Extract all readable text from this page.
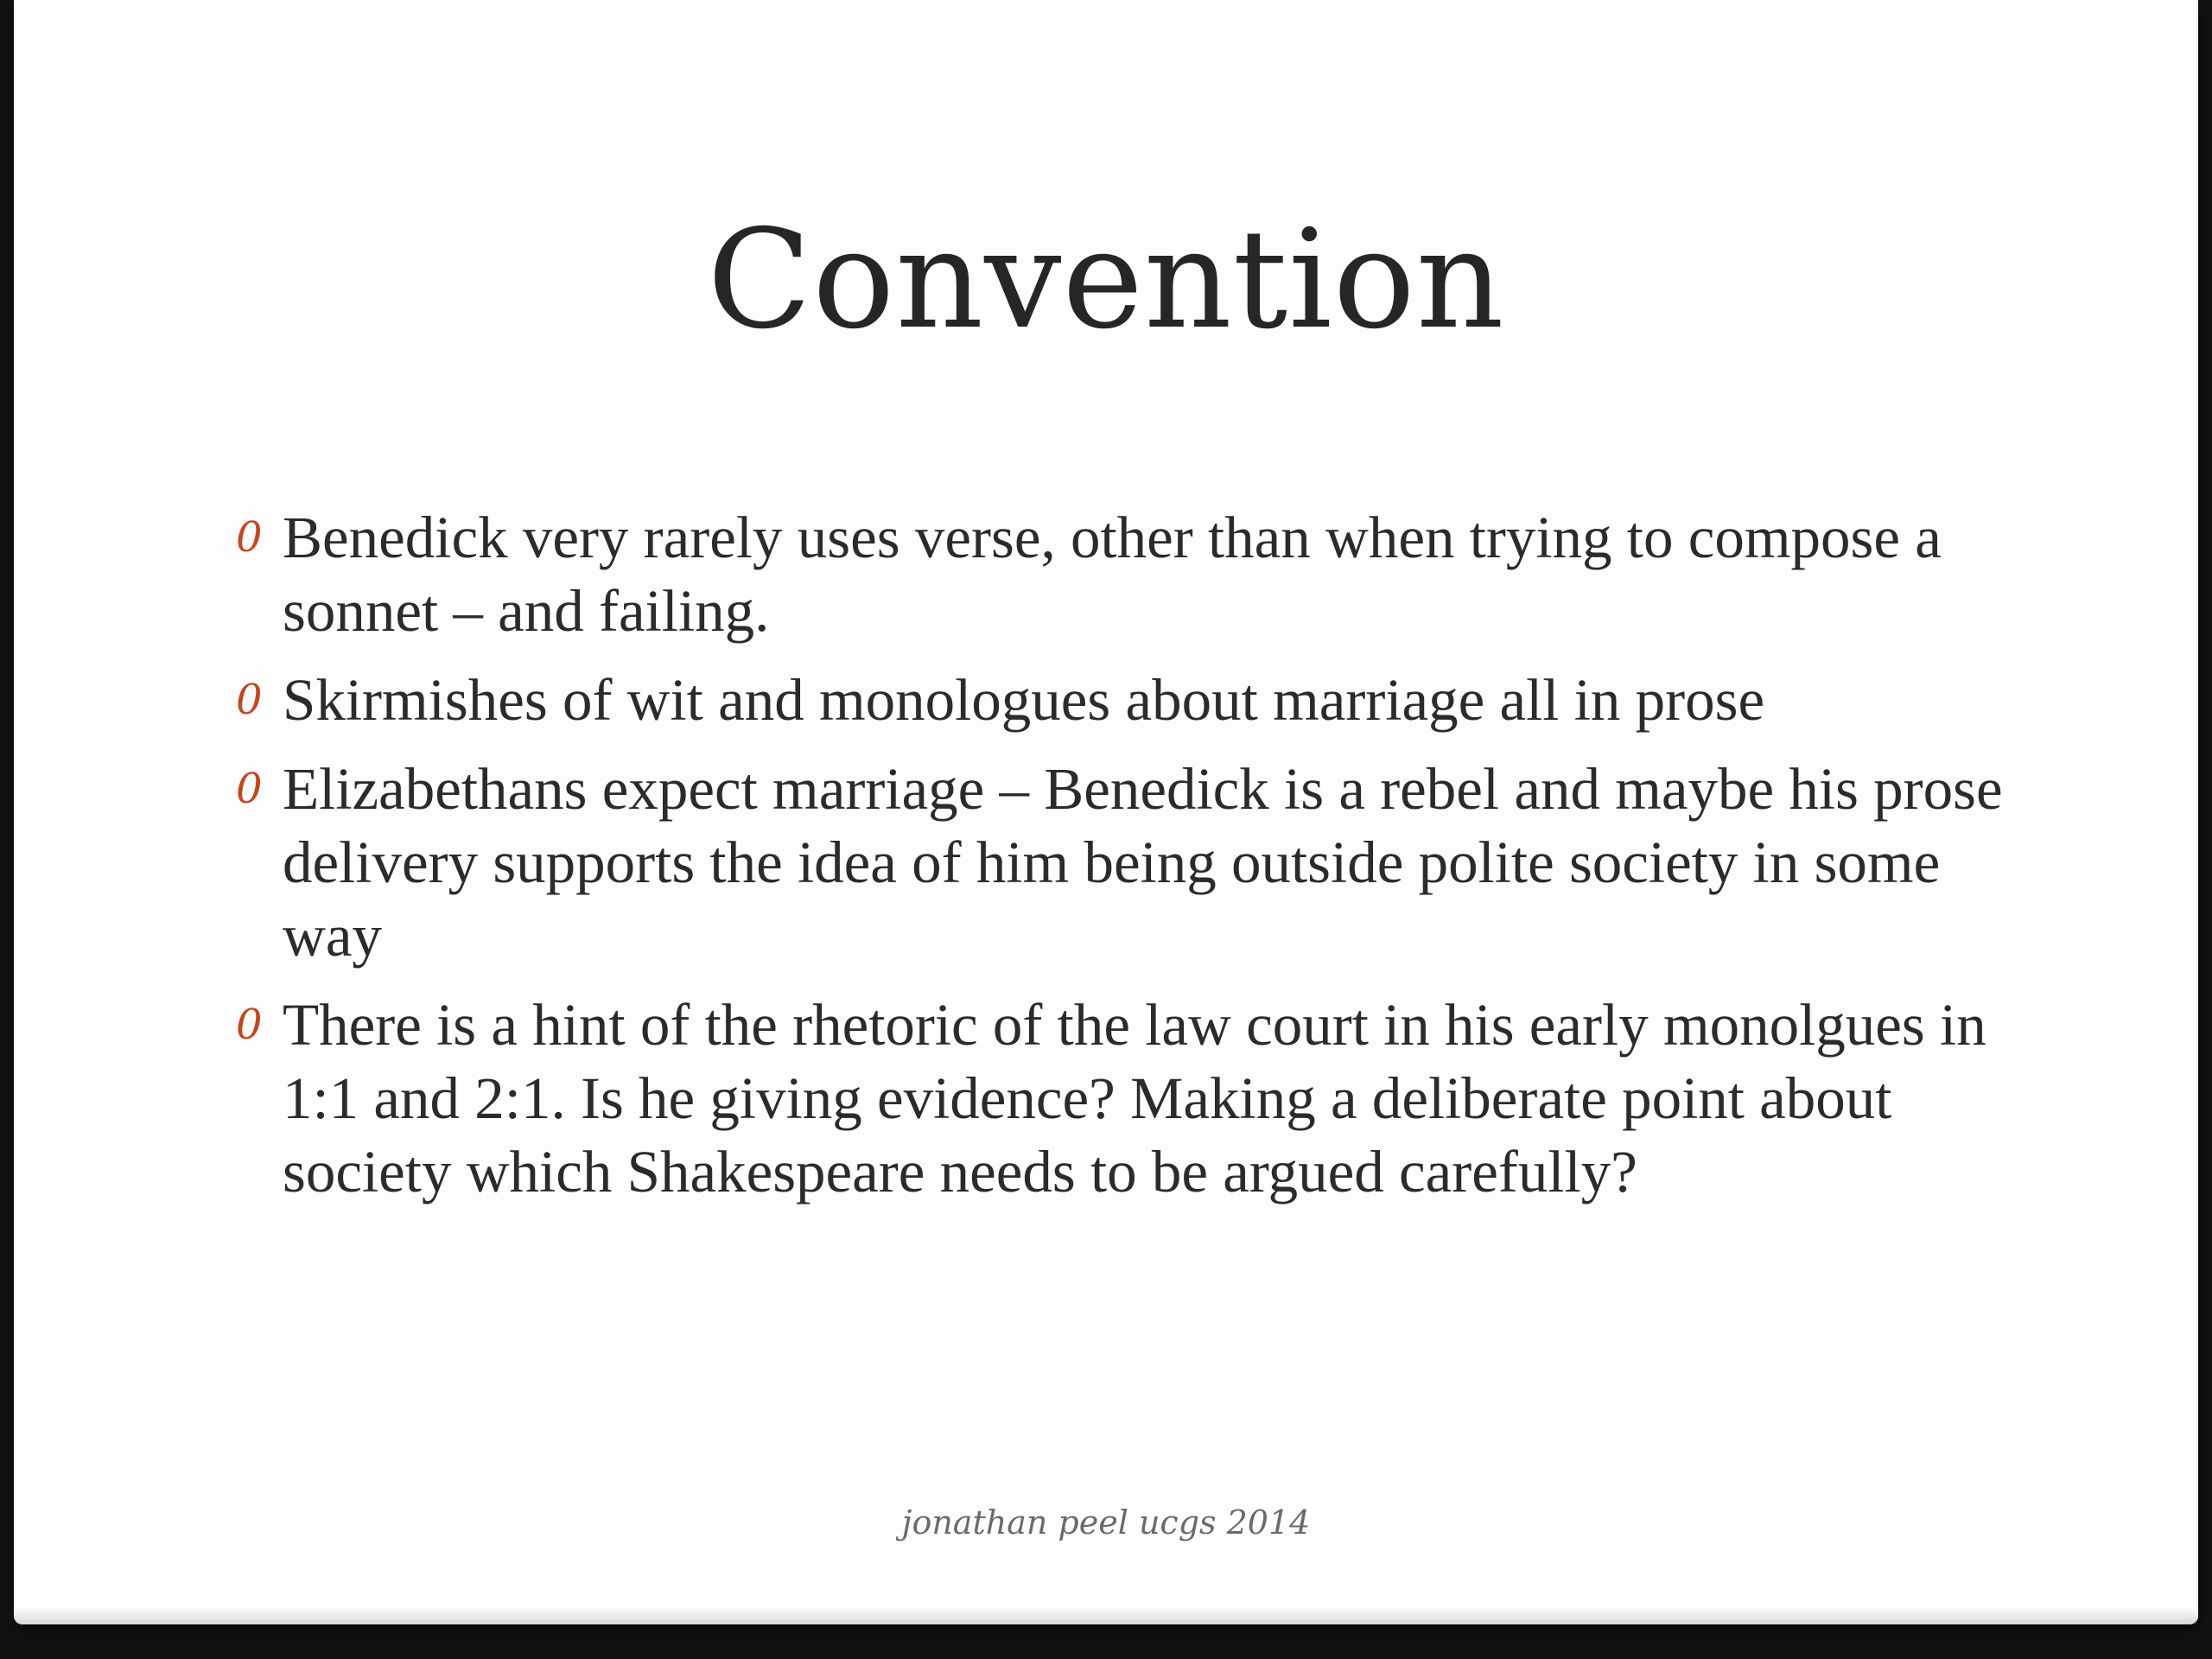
Convention
0 Benedick very rarely uses verse, other than when trying to compose a sonnet – and failing.
0 Skirmishes of wit and monologues about marriage all in prose
0 Elizabethans expect marriage – Benedick is a rebel and maybe his prose delivery supports the idea of him being outside polite society in some way
0 There is a hint of the rhetoric of the law court in his early monolgues in 1:1 and 2:1. Is he giving evidence? Making a deliberate point about society which Shakespeare needs to be argued carefully?
jonathan peel ucgs 2014
